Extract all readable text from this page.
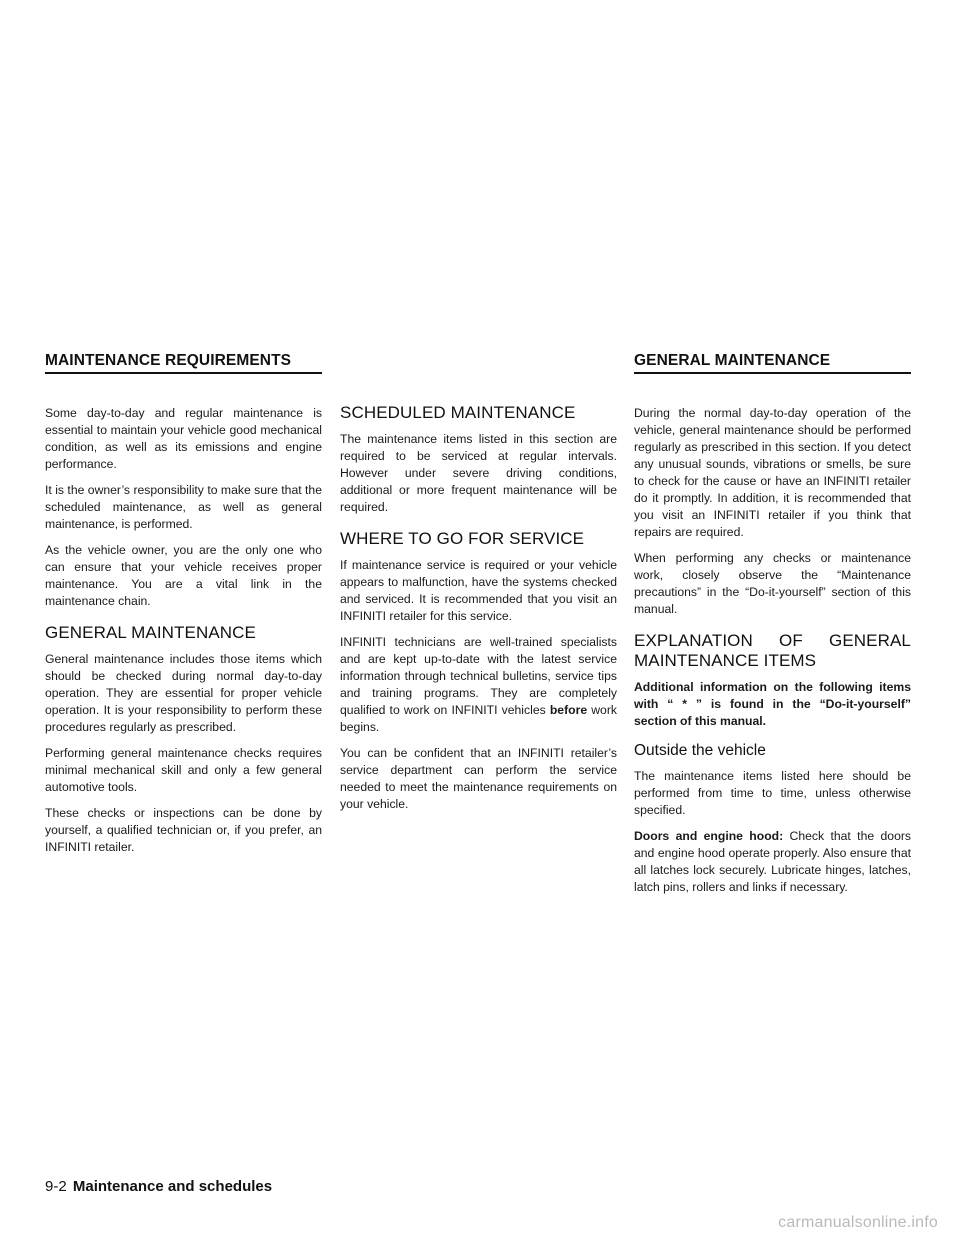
MAINTENANCE REQUIREMENTS	GENERAL MAINTENANCE

Some day-to-day and regular maintenance is essential to maintain your vehicle good mechanical condition, as well as its emissions and engine performance.

It is the owner’s responsibility to make sure that the scheduled maintenance, as well as general maintenance, is performed.

As the vehicle owner, you are the only one who can ensure that your vehicle receives proper maintenance. You are a vital link in the maintenance chain.

GENERAL MAINTENANCE

General maintenance includes those items which should be checked during normal day-to-day operation. They are essential for proper vehicle operation. It is your responsibility to perform these procedures regularly as prescribed.

Performing general maintenance checks requires minimal mechanical skill and only a few general automotive tools.

These checks or inspections can be done by yourself, a qualified technician or, if you prefer, an INFINITI retailer.

SCHEDULED MAINTENANCE

The maintenance items listed in this section are required to be serviced at regular intervals. However under severe driving conditions, additional or more frequent maintenance will be required.

WHERE TO GO FOR SERVICE

If maintenance service is required or your vehicle appears to malfunction, have the systems checked and serviced. It is recommended that you visit an INFINITI retailer for this service.

INFINITI technicians are well-trained specialists and are kept up-to-date with the latest service information through technical bulletins, service tips and training programs. They are completely qualified to work on INFINITI vehicles before work begins.

You can be confident that an INFINITI retailer’s service department can perform the service needed to meet the maintenance requirements on your vehicle.

During the normal day-to-day operation of the vehicle, general maintenance should be performed regularly as prescribed in this section. If you detect any unusual sounds, vibrations or smells, be sure to check for the cause or have an INFINITI retailer do it promptly. In addition, it is recommended that you visit an INFINITI retailer if you think that repairs are required.

When performing any checks or maintenance work, closely observe the “Maintenance precautions” in the “Do-it-yourself” section of this manual.

EXPLANATION OF GENERAL MAINTENANCE ITEMS

Additional information on the following items with “ * ” is found in the “Do-it-yourself” section of this manual.

Outside the vehicle

The maintenance items listed here should be performed from time to time, unless otherwise specified.

Doors and engine hood: Check that the doors and engine hood operate properly. Also ensure that all latches lock securely. Lubricate hinges, latches, latch pins, rollers and links if necessary.

9-2 Maintenance and schedules
carmanualsonline.info
